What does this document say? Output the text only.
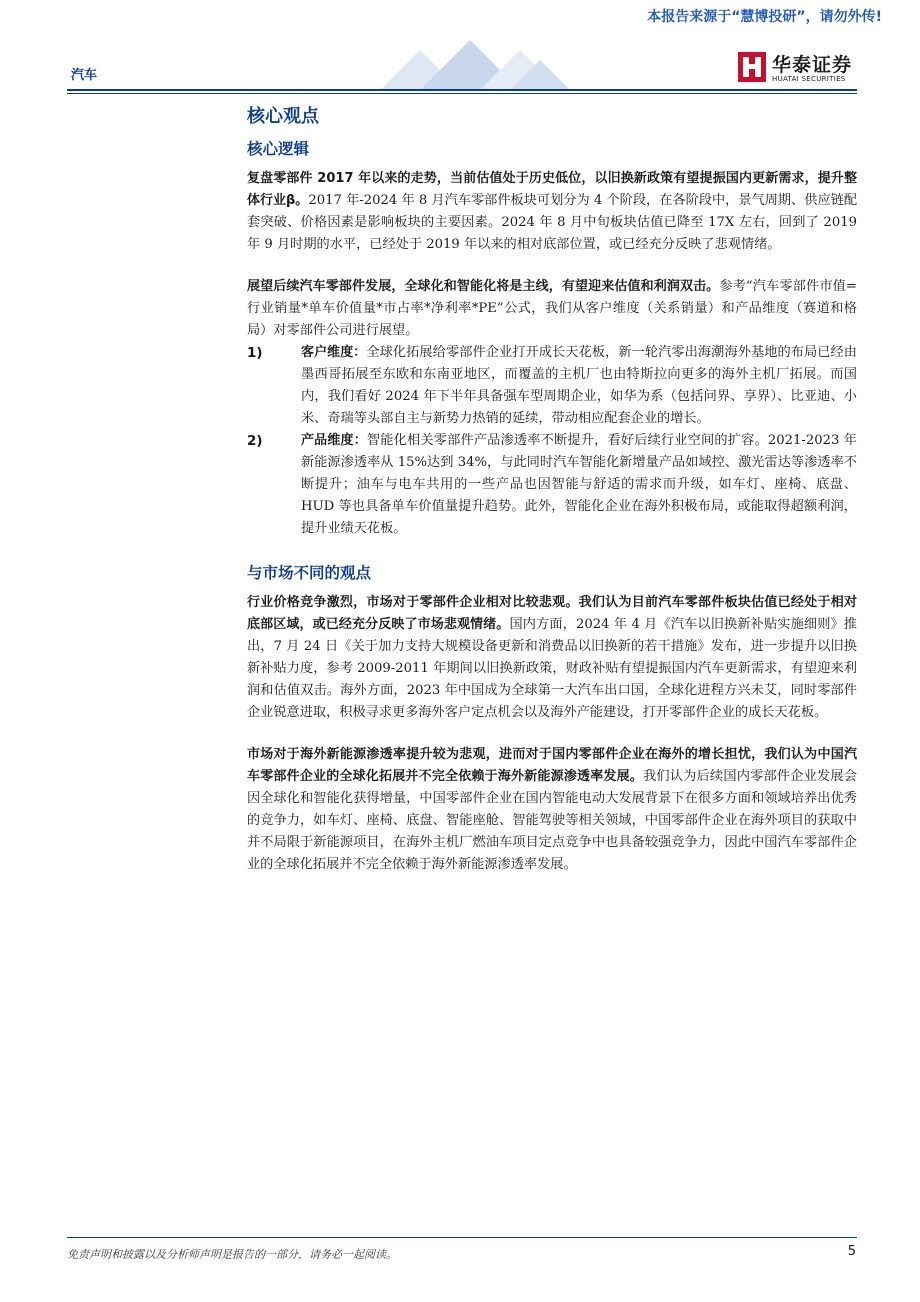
本报告来源于“慧博投研”，请勿外传!
汽车	华泰证券
HUATAI SECURITIES
核心观点
核心逻辑

复盘零部件 2017 年以来的走势，当前估值处于历史低位，以旧换新政策有望提振国内更新需求，提升整体行业β。2017 年-2024 年 8 月汽车零部件板块可划分为 4 个阶段，在各阶段中，景气周期、供应链配套突破、价格因素是影响板块的主要因素。2024 年 8 月中旬板块估值已降至 17X 左右，回到了 2019 年 9 月时期的水平，已经处于 2019 年以来的相对底部位置，或已经充分反映了悲观情绪。

展望后续汽车零部件发展，全球化和智能化将是主线，有望迎来估值和利润双击。参考“汽车零部件市值=行业销量*单车价值量*市占率*净利率*PE”公式，我们从客户维度（关系销量）和产品维度（赛道和格局）对零部件公司进行展望。

1)	客户维度：全球化拓展给零部件企业打开成长天花板，新一轮汽零出海潮海外基地的布局已经由墨西哥拓展至东欧和东南亚地区，而覆盖的主机厂也由特斯拉向更多的海外主机厂拓展。而国内，我们看好 2024 年下半年具备强车型周期企业，如华为系（包括问界、享界）、比亚迪、小米、奇瑞等头部自主与新势力热销的延续，带动相应配套企业的增长。

2)	产品维度：智能化相关零部件产品渗透率不断提升，看好后续行业空间的扩容。2021-2023 年新能源渗透率从 15%达到 34%，与此同时汽车智能化新增量产品如域控、激光雷达等渗透率不断提升；油车与电车共用的一些产品也因智能与舒适的需求而升级，如车灯、座椅、底盘、HUD 等也具备单车价值量提升趋势。此外，智能化企业在海外积极布局，或能取得超额利润，提升业绩天花板。

与市场不同的观点

行业价格竞争激烈，市场对于零部件企业相对比较悲观。我们认为目前汽车零部件板块估值已经处于相对底部区域，或已经充分反映了市场悲观情绪。国内方面，2024 年 4 月《汽车以旧换新补贴实施细则》推出，7 月 24 日《关于加力支持大规模设备更新和消费品以旧换新的若干措施》发布，进一步提升以旧换新补贴力度，参考 2009-2011 年期间以旧换新政策，财政补贴有望提振国内汽车更新需求，有望迎来利润和估值双击。海外方面，2023 年中国成为全球第一大汽车出口国，全球化进程方兴未艾，同时零部件企业锐意进取，积极寻求更多海外客户定点机会以及海外产能建设，打开零部件企业的成长天花板。

市场对于海外新能源渗透率提升较为悲观，进而对于国内零部件企业在海外的增长担忧，我们认为中国汽车零部件企业的全球化拓展并不完全依赖于海外新能源渗透率发展。我们认为后续国内零部件企业发展会因全球化和智能化获得增量，中国零部件企业在国内智能电动大发展背景下在很多方面和领域培养出优秀的竞争力，如车灯、座椅、底盘、智能座舱、智能驾驶等相关领域，中国零部件企业在海外项目的获取中并不局限于新能源项目，在海外主机厂燃油车项目定点竞争中也具备较强竞争力，因此中国汽车零部件企业的全球化拓展并不完全依赖于海外新能源渗透率发展。

免责声明和披露以及分析师声明是报告的一部分，请务必一起阅读。	5
